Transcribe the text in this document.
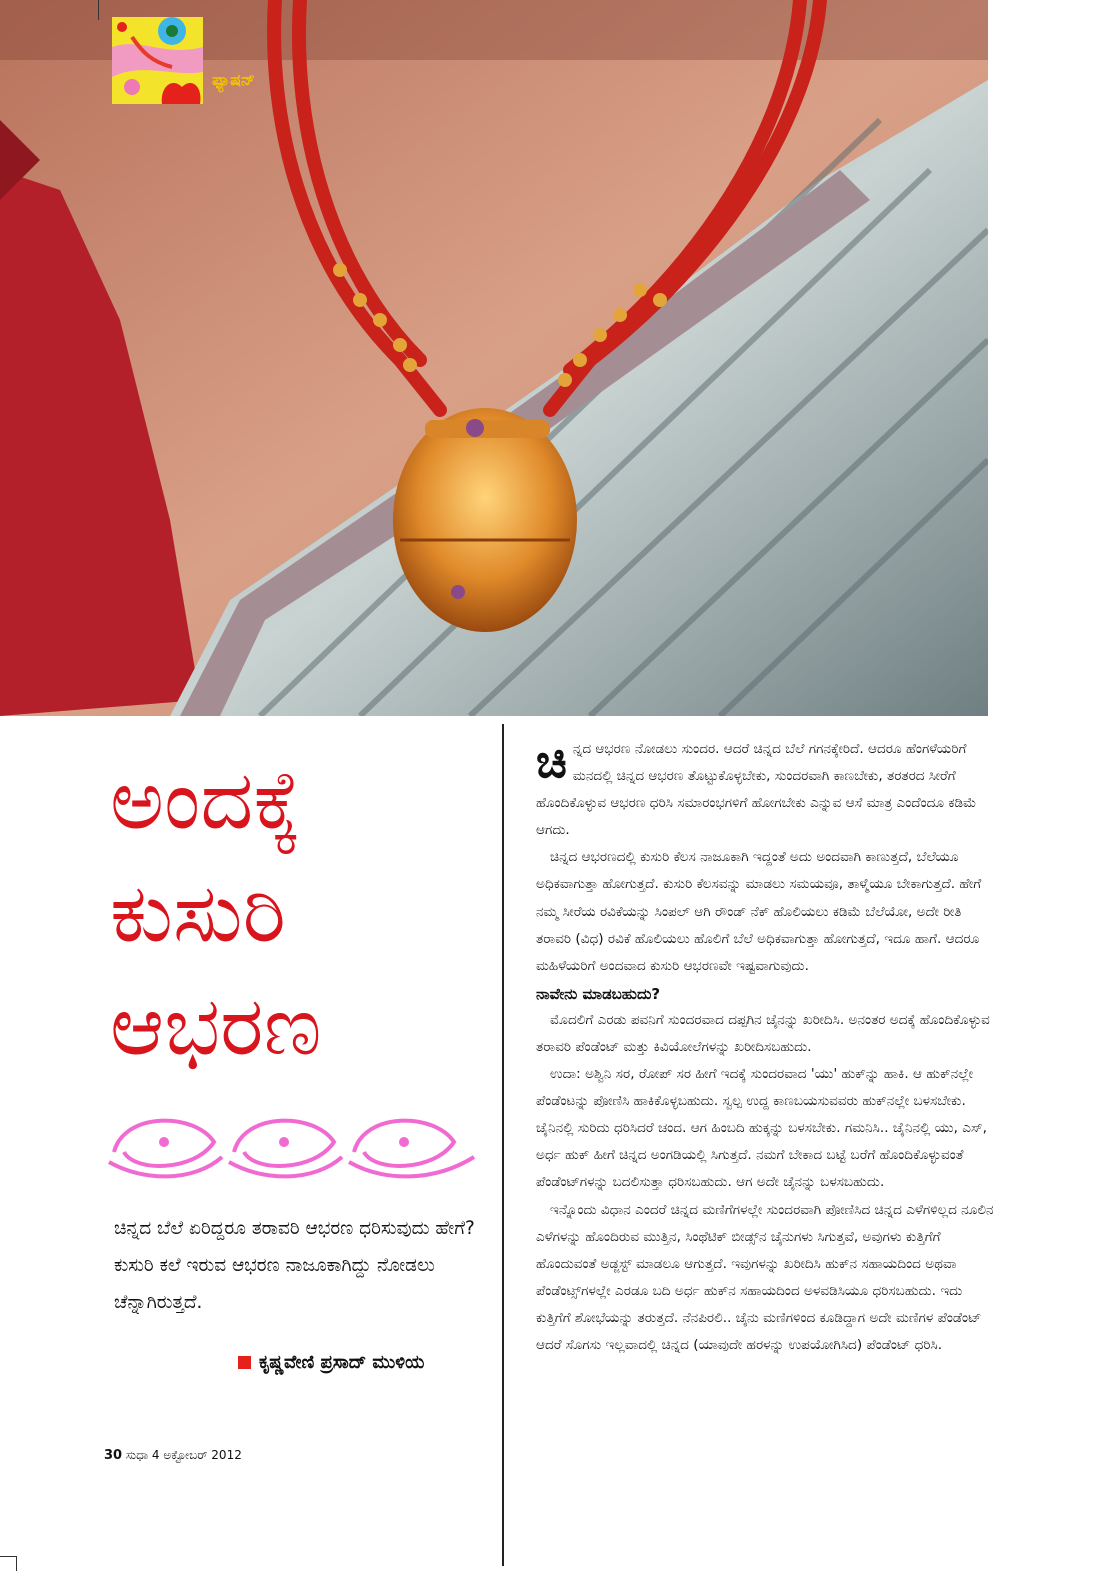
ಫ್ಯಾಷನ್
ಅಂದಕ್ಕೆ
ಕುಸುರಿ
ಆಭರಣ
ಚಿನ್ನದ ಬೆಲೆ ಏರಿದ್ದರೂ ತರಾವರಿ ಆಭರಣ ಧರಿಸುವುದು ಹೇಗೆ? ಕುಸುರಿ ಕಲೆ ಇರುವ ಆಭರಣ ನಾಜೂಕಾಗಿದ್ದು ನೋಡಲು ಚೆನ್ನಾಗಿರುತ್ತದೆ.
ಕೃಷ್ಣವೇಣಿ ಪ್ರಸಾದ್ ಮುಳಿಯ
30 ಸುಧಾ 4 ಅಕ್ಟೋಬರ್ 2012

ಚಿನ್ನದ ಆಭರಣ ನೋಡಲು ಸುಂದರ. ಆದರೆ ಚಿನ್ನದ ಬೆಲೆ ಗಗನಕ್ಕೇರಿದೆ. ಆದರೂ ಹೆಂಗಳೆಯರಿಗೆ ಮನದಲ್ಲಿ ಚಿನ್ನದ ಆಭರಣ ತೊಟ್ಟುಕೊಳ್ಳಬೇಕು, ಸುಂದರವಾಗಿ ಕಾಣಬೇಕು, ತರತರದ ಸೀರೆಗೆ ಹೊಂದಿಕೊಳ್ಳುವ ಆಭರಣ ಧರಿಸಿ ಸಮಾರಂಭಗಳಿಗೆ ಹೋಗಬೇಕು ಎನ್ನುವ ಆಸೆ ಮಾತ್ರ ಎಂದೆಂದೂ ಕಡಿಮೆ ಆಗದು.

ಚಿನ್ನದ ಆಭರಣದಲ್ಲಿ ಕುಸುರಿ ಕೆಲಸ ನಾಜೂಕಾಗಿ ಇದ್ದಂತೆ ಅದು ಅಂದವಾಗಿ ಕಾಣುತ್ತದೆ, ಬೆಲೆಯೂ ಅಧಿಕವಾಗುತ್ತಾ ಹೋಗುತ್ತದೆ. ಕುಸುರಿ ಕೆಲಸವನ್ನು ಮಾಡಲು ಸಮಯವೂ, ತಾಳ್ಮೆಯೂ ಬೇಕಾಗುತ್ತದೆ. ಹೇಗೆ ನಮ್ಮ ಸೀರೆಯ ರವಿಕೆಯನ್ನು ಸಿಂಪಲ್ ಆಗಿ ರೌಂಡ್ ನೆಕ್ ಹೊಲಿಯಲು ಕಡಿಮೆ ಬೆಲೆಯೋ, ಅದೇ ರೀತಿ ತರಾವರಿ (ವಿಧ) ರವಿಕೆ ಹೊಲಿಯಲು ಹೊಲಿಗೆ ಬೆಲೆ ಅಧಿಕವಾಗುತ್ತಾ ಹೋಗುತ್ತದೆ, ಇದೂ ಹಾಗೆ. ಆದರೂ ಮಹಿಳೆಯರಿಗೆ ಅಂದವಾದ ಕುಸುರಿ ಆಭರಣವೇ ಇಷ್ಟವಾಗುವುದು.

ನಾವೇನು ಮಾಡಬಹುದು?

ಮೊದಲಿಗೆ ಎರಡು ಪವನಿಗೆ ಸುಂದರವಾದ ದಪ್ಪಗಿನ ಚೈನನ್ನು ಖರೀದಿಸಿ. ಅನಂತರ ಅದಕ್ಕೆ ಹೊಂದಿಕೊಳ್ಳುವ ತರಾವರಿ ಪೆಂಡೆಂಟ್ ಮತ್ತು ಕಿವಿಯೋಲೆಗಳನ್ನು ಖರೀದಿಸಬಹುದು.

ಉದಾ: ಅಶ್ವಿನಿ ಸರ, ರೋಪ್ ಸರ ಹೀಗೆ ಇದಕ್ಕೆ ಸುಂದರವಾದ 'ಯು' ಹುಕ್‌ನ್ನು ಹಾಕಿ. ಆ ಹುಕ್‌ನಲ್ಲೇ ಪೆಂಡೆಂಟನ್ನು ಪೋಣಿಸಿ ಹಾಕಿಕೊಳ್ಳಬಹುದು. ಸ್ವಲ್ಪ ಉದ್ದ ಕಾಣಬಯಸುವವರು ಹುಕ್‌ನಲ್ಲೇ ಬಳಸಬೇಕು. ಚೈನಿನಲ್ಲಿ ಸುರಿದು ಧರಿಸಿದರೆ ಚಂದ. ಆಗ ಹಿಂಬದಿ ಹುಕ್ಕನ್ನು ಬಳಸಬೇಕು. ಗಮನಿಸಿ.. ಚೈನಿನಲ್ಲಿ ಯು, ಎಸ್, ಅರ್ಧ ಹುಕ್ ಹೀಗೆ ಚಿನ್ನದ ಅಂಗಡಿಯಲ್ಲಿ ಸಿಗುತ್ತದೆ. ನಮಗೆ ಬೇಕಾದ ಬಟ್ಟೆ ಬರೆಗೆ ಹೊಂದಿಕೊಳ್ಳುವಂತೆ ಪೆಂಡೆಂಟ್‌ಗಳನ್ನು ಬದಲಿಸುತ್ತಾ ಧರಿಸಬಹುದು. ಆಗ ಅದೇ ಚೈನನ್ನು ಬಳಸಬಹುದು.

ಇನ್ನೊಂದು ವಿಧಾನ ಎಂದರೆ ಚಿನ್ನದ ಮಣಿಗೆಗಳಲ್ಲೇ ಸುಂದರವಾಗಿ ಪೋಣಿಸಿದ ಚಿನ್ನದ ಎಳೆಗಳಿಲ್ಲದ ನೂಲಿನ ಎಳೆಗಳನ್ನು ಹೊಂದಿರುವ ಮುತ್ತಿನ, ಸಿಂಥೆಟಿಕ್ ಬೀಡ್ಸ್‌ನ ಚೈನುಗಳು ಸಿಗುತ್ತವೆ, ಅವುಗಳು ಕುತ್ತಿಗೆಗೆ ಹೊಂದುವಂತೆ ಅಡ್ಜಸ್ಟ್ ಮಾಡಲೂ ಆಗುತ್ತದೆ. ಇವುಗಳನ್ನು ಖರೀದಿಸಿ ಹುಕ್‌ನ ಸಹಾಯದಿಂದ ಅಥವಾ ಪೆಂಡೆಂಟ್ಸ್‌ಗಳಲ್ಲೇ ಎರಡೂ ಬದಿ ಅರ್ಧ ಹುಕ್‌ನ ಸಹಾಯದಿಂದ ಅಳವಡಿಸಿಯೂ ಧರಿಸಬಹುದು. ಇದು ಕುತ್ತಿಗೆಗೆ ಶೋಭೆಯನ್ನು ತರುತ್ತದೆ. ನೆನಪಿರಲಿ.. ಚೈನು ಮಣಿಗಳಿಂದ ಕೂಡಿದ್ದಾಗ ಅದೇ ಮಣಿಗಳ ಪೆಂಡೆಂಟ್ ಆದರೆ ಸೊಗಸು ಇಲ್ಲವಾದಲ್ಲಿ ಚಿನ್ನದ (ಯಾವುದೇ ಹರಳನ್ನು ಉಪಯೋಗಿಸಿದ) ಪೆಂಡೆಂಟ್ ಧರಿಸಿ.
